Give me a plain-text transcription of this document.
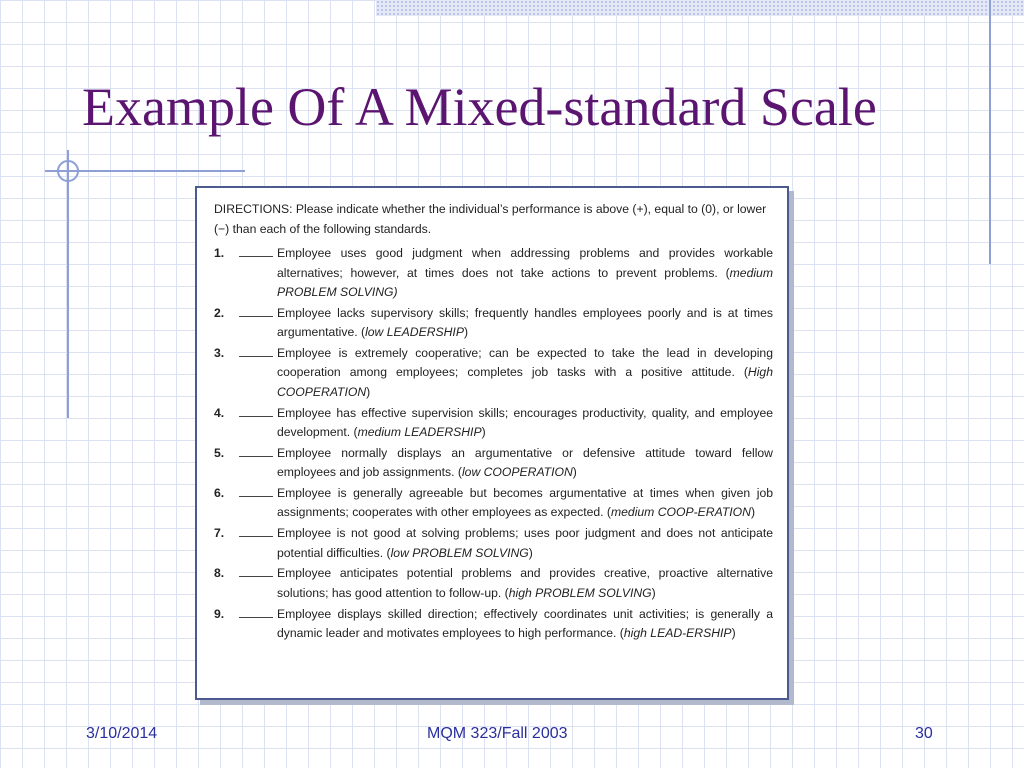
Example Of A Mixed-standard Scale
DIRECTIONS: Please indicate whether the individual’s performance is above (+), equal to (0), or lower (−) than each of the following standards.
1.	Employee uses good judgment when addressing problems and provides workable alternatives; however, at times does not take actions to prevent problems. (medium PROBLEM SOLVING)
2.	Employee lacks supervisory skills; frequently handles employees poorly and is at times argumentative. (low LEADERSHIP)
3.	Employee is extremely cooperative; can be expected to take the lead in developing cooperation among employees; completes job tasks with a positive attitude. (High COOPERATION)
4.	Employee has effective supervision skills; encourages productivity, quality, and employee development. (medium LEADERSHIP)
5.	Employee normally displays an argumentative or defensive attitude toward fellow employees and job assignments. (low COOPERATION)
6.	Employee is generally agreeable but becomes argumentative at times when given job assignments; cooperates with other employees as expected. (medium COOP-ERATION)
7.	Employee is not good at solving problems; uses poor judgment and does not anticipate potential difficulties. (low PROBLEM SOLVING)
8.	Employee anticipates potential problems and provides creative, proactive alternative solutions; has good attention to follow-up. (high PROBLEM SOLVING)
9.	Employee displays skilled direction; effectively coordinates unit activities; is generally a dynamic leader and motivates employees to high performance. (high LEAD-ERSHIP)
3/10/2014	MQM 323/Fall 2003	30
